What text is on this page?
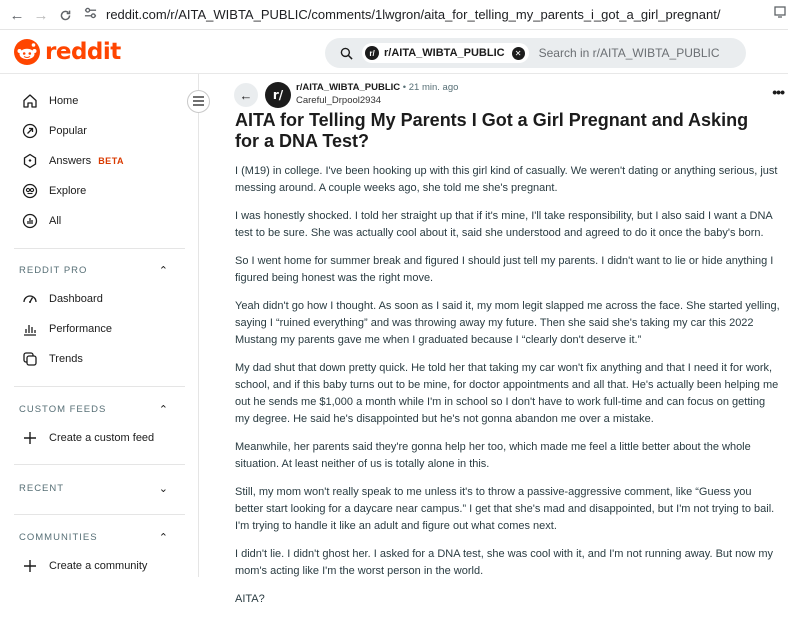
← →	reddit.com/r/AITA_WIBTA_PUBLIC/comments/1lwgron/aita_for_telling_my_parents_i_got_a_girl_pregnant/
reddit	r/ r/AITA_WIBTA_PUBLIC	✕ Search in r/AITA_WIBTA_PUBLIC
Home
Popular
Answers BETA
Explore
All
REDDIT PRO	⌃
Dashboard
Performance
Trends
CUSTOM FEEDS	⌃
Create a custom feed
RECENT	⌄
COMMUNITIES	⌃
Create a community
←	r/
r/AITA_WIBTA_PUBLIC • 21 min. ago
Careful_Drpool2934
•••
AITA for Telling My Parents I Got a Girl Pregnant and Asking for a DNA Test?

I (M19) in college. I've been hooking up with this girl kind of casually. We weren't dating or anything serious, just messing around. A couple weeks ago, she told me she's pregnant.

I was honestly shocked. I told her straight up that if it's mine, I'll take responsibility, but I also said I want a DNA test to be sure. She was actually cool about it, said she understood and agreed to do it once the baby's born.

So I went home for summer break and figured I should just tell my parents. I didn't want to lie or hide anything I figured being honest was the right move.

Yeah didn't go how I thought. As soon as I said it, my mom legit slapped me across the face. She started yelling, saying I “ruined everything” and was throwing away my future. Then she said she's taking my car this 2022 Mustang my parents gave me when I graduated because I “clearly don't deserve it.”

My dad shut that down pretty quick. He told her that taking my car won't fix anything and that I need it for work, school, and if this baby turns out to be mine, for doctor appointments and all that. He's actually been helping me out he sends me $1,000 a month while I'm in school so I don't have to work full-time and can focus on getting my degree. He said he's disappointed but he's not gonna abandon me over a mistake.

Meanwhile, her parents said they're gonna help her too, which made me feel a little better about the whole situation. At least neither of us is totally alone in this.

Still, my mom won't really speak to me unless it's to throw a passive-aggressive comment, like “Guess you better start looking for a daycare near campus.” I get that she's mad and disappointed, but I'm not trying to bail. I'm trying to handle it like an adult and figure out what comes next.

I didn't lie. I didn't ghost her. I asked for a DNA test, she was cool with it, and I'm not running away. But now my mom's acting like I'm the worst person in the world.

AITA?
